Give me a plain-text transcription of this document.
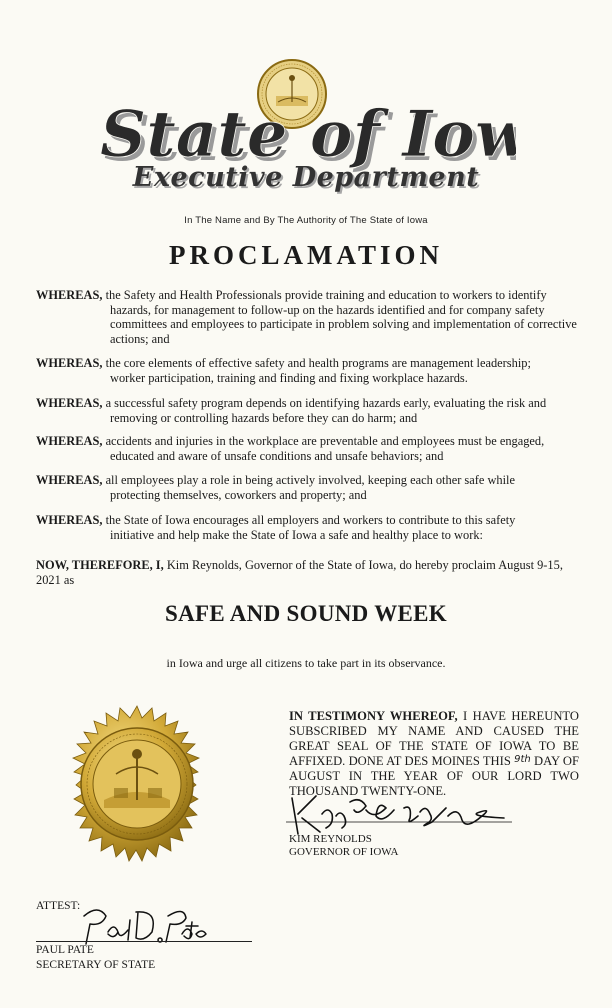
State of Io
State of Io
Executive Department
In The Name and By The Authority of The State of Iowa
PROCLAMATION
WHEREAS, the Safety and Health Professionals provide training and education to workers to identify
hazards, for management to follow-up on the hazards identified and for company safety committees and employees to participate in problem solving and implementation of corrective actions; and
WHEREAS, the core elements of effective safety and health programs are management leadership;
worker participation, training and finding and fixing workplace hazards.
WHEREAS, a successful safety program depends on identifying hazards early, evaluating the risk and
removing or controlling hazards before they can do harm; and
WHEREAS, accidents and injuries in the workplace are preventable and employees must be engaged,
educated and aware of unsafe conditions and unsafe behaviors; and
WHEREAS, all employees play a role in being actively involved, keeping each other safe while
protecting themselves, coworkers and property; and
WHEREAS, the State of Iowa encourages all employers and workers to contribute to this safety
initiative and help make the State of Iowa a safe and healthy place to work:
NOW, THEREFORE, I, Kim Reynolds, Governor of the State of Iowa, do hereby proclaim August 9-15, 2021 as
SAFE AND SOUND WEEK
in Iowa and urge all citizens to take part in its observance.
IN TESTIMONY WHEREOF, I HAVE HEREUNTO SUBSCRIBED MY NAME AND CAUSED THE GREAT SEAL OF THE STATE OF IOWA TO BE AFFIXED. DONE AT DES MOINES THIS $^{9th}$ DAY OF AUGUST IN THE YEAR OF OUR LORD TWO THOUSAND TWENTY-ONE.
KIM REYNOLDS
GOVERNOR OF IOWA
ATTEST:
PAUL PATE
SECRETARY OF STATE
